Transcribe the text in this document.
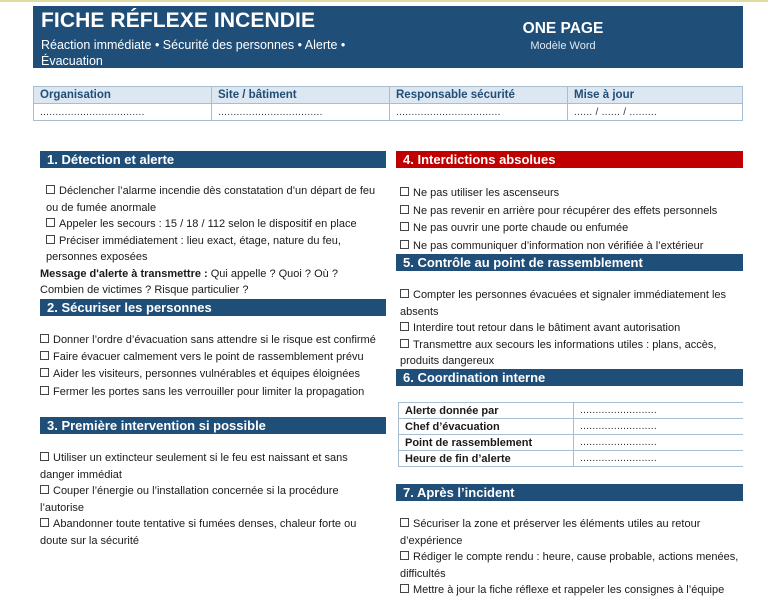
FICHE RÉFLEXE INCENDIE
Réaction immédiate • Sécurité des personnes • Alerte • Évacuation
ONE PAGE
Modèle Word
Organisation	Site / bâtiment	Responsable sécurité	Mise à jour
..................................	..................................	..................................	...... / ...... / .........
1. Détection et alerte
Déclencher l’alarme incendie dès constatation d’un départ de feu ou de fumée anormale
Appeler les secours : 15 / 18 / 112 selon le dispositif en place
Préciser immédiatement : lieu exact, étage, nature du feu, personnes exposées
Message d'alerte à transmettre : Qui appelle ? Quoi ? Où ? Combien de victimes ? Risque particulier ?
2. Sécuriser les personnes
Donner l’ordre d’évacuation sans attendre si le risque est confirmé
Faire évacuer calmement vers le point de rassemblement prévu
Aider les visiteurs, personnes vulnérables et équipes éloignées
Fermer les portes sans les verrouiller pour limiter la propagation
3. Première intervention si possible
Utiliser un extincteur seulement si le feu est naissant et sans danger immédiat
Couper l’énergie ou l’installation concernée si la procédure l’autorise
Abandonner toute tentative si fumées denses, chaleur forte ou doute sur la sécurité
4. Interdictions absolues
Ne pas utiliser les ascenseurs
Ne pas revenir en arrière pour récupérer des effets personnels
Ne pas ouvrir une porte chaude ou enfumée
Ne pas communiquer d’information non vérifiée à l’extérieur
5. Contrôle au point de rassemblement
Compter les personnes évacuées et signaler immédiatement les absents
Interdire tout retour dans le bâtiment avant autorisation
Transmettre aux secours les informations utiles : plans, accès, produits dangereux
6. Coordination interne
Alerte donnée par	.........................
Chef d’évacuation	.........................
Point de rassemblement	.........................
Heure de fin d’alerte	.........................
7. Après l’incident
Sécuriser la zone et préserver les éléments utiles au retour d’expérience
Rédiger le compte rendu : heure, cause probable, actions menées, difficultés
Mettre à jour la fiche réflexe et rappeler les consignes à l’équipe
